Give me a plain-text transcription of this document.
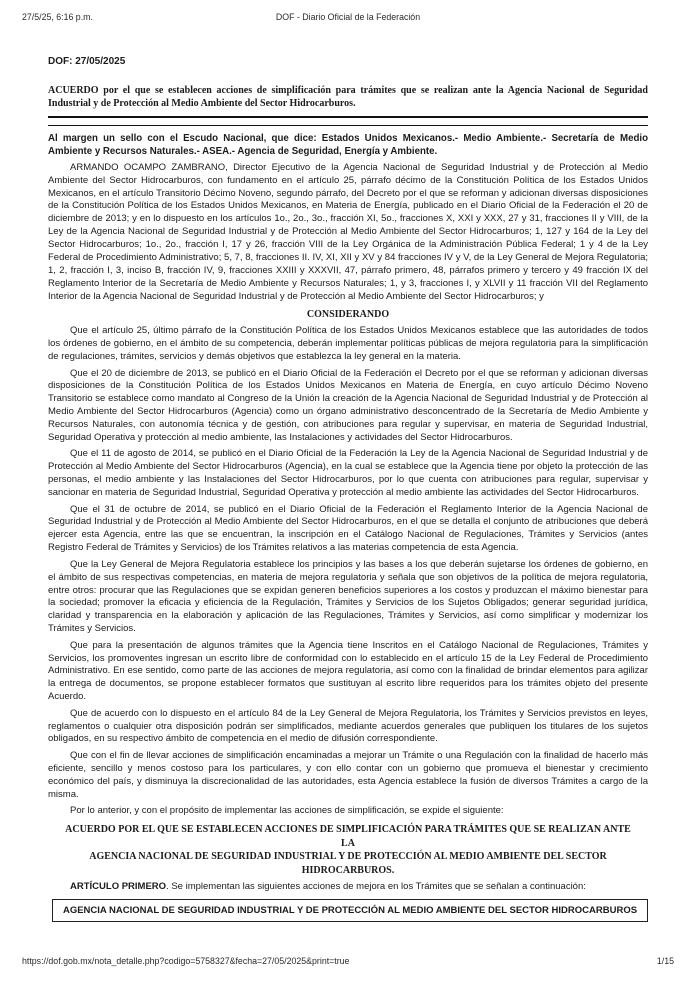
27/5/25, 6:16 p.m.	DOF - Diario Oficial de la Federación

DOF: 27/05/2025

ACUERDO por el que se establecen acciones de simplificación para trámites que se realizan ante la Agencia Nacional de Seguridad Industrial y de Protección al Medio Ambiente del Sector Hidrocarburos.

Al margen un sello con el Escudo Nacional, que dice: Estados Unidos Mexicanos.- Medio Ambiente.- Secretaría de Medio Ambiente y Recursos Naturales.- ASEA.- Agencia de Seguridad, Energía y Ambiente.

ARMANDO OCAMPO ZAMBRANO, Director Ejecutivo de la Agencia Nacional de Seguridad Industrial y de Protección al Medio Ambiente del Sector Hidrocarburos, con fundamento en el artículo 25, párrafo décimo de la Constitución Política de los Estados Unidos Mexicanos, en el artículo Transitorio Décimo Noveno, segundo párrafo, del Decreto por el que se reforman y adicionan diversas disposiciones de la Constitución Política de los Estados Unidos Mexicanos, en Materia de Energía, publicado en el Diario Oficial de la Federación el 20 de diciembre de 2013; y en lo dispuesto en los artículos 1o., 2o., 3o., fracción XI, 5o., fracciones X, XXI y XXX, 27 y 31, fracciones II y VIII, de la Ley de la Agencia Nacional de Seguridad Industrial y de Protección al Medio Ambiente del Sector Hidrocarburos; 1, 127 y 164 de la Ley del Sector Hidrocarburos; 1o., 2o., fracción I, 17 y 26, fracción VIII de la Ley Orgánica de la Administración Pública Federal; 1 y 4 de la Ley Federal de Procedimiento Administrativo; 5, 7, 8, fracciones II. IV, XI, XII y XV y 84 fracciones IV y V, de la Ley General de Mejora Regulatoria; 1, 2, fracción I, 3, inciso B, fracción IV, 9, fracciones XXIII y XXXVII, 47, párrafo primero, 48, párrafos primero y tercero y 49 fracción IX del Reglamento Interior de la Secretaría de Medio Ambiente y Recursos Naturales; 1, y 3, fracciones I, y XLVII y 11 fracción VII del Reglamento Interior de la Agencia Nacional de Seguridad Industrial y de Protección al Medio Ambiente del Sector Hidrocarburos; y

CONSIDERANDO

Que el artículo 25, último párrafo de la Constitución Política de los Estados Unidos Mexicanos establece que las autoridades de todos los órdenes de gobierno, en el ámbito de su competencia, deberán implementar políticas públicas de mejora regulatoria para la simplificación de regulaciones, trámites, servicios y demás objetivos que establezca la ley general en la materia.

Que el 20 de diciembre de 2013, se publicó en el Diario Oficial de la Federación el Decreto por el que se reforman y adicionan diversas disposiciones de la Constitución Política de los Estados Unidos Mexicanos en Materia de Energía, en cuyo artículo Décimo Noveno Transitorio se establece como mandato al Congreso de la Unión la creación de la Agencia Nacional de Seguridad Industrial y de Protección al Medio Ambiente del Sector Hidrocarburos (Agencia) como un órgano administrativo desconcentrado de la Secretaría de Medio Ambiente y Recursos Naturales, con autonomía técnica y de gestión, con atribuciones para regular y supervisar, en materia de Seguridad Industrial, Seguridad Operativa y protección al medio ambiente, las Instalaciones y actividades del Sector Hidrocarburos.

Que el 11 de agosto de 2014, se publicó en el Diario Oficial de la Federación la Ley de la Agencia Nacional de Seguridad Industrial y de Protección al Medio Ambiente del Sector Hidrocarburos (Agencia), en la cual se establece que la Agencia tiene por objeto la protección de las personas, el medio ambiente y las Instalaciones del Sector Hidrocarburos, por lo que cuenta con atribuciones para regular, supervisar y sancionar en materia de Seguridad Industrial, Seguridad Operativa y protección al medio ambiente las actividades del Sector Hidrocarburos.

Que el 31 de octubre de 2014, se publicó en el Diario Oficial de la Federación el Reglamento Interior de la Agencia Nacional de Seguridad Industrial y de Protección al Medio Ambiente del Sector Hidrocarburos, en el que se detalla el conjunto de atribuciones que deberá ejercer esta Agencia, entre las que se encuentran, la inscripción en el Catálogo Nacional de Regulaciones, Trámites y Servicios (antes Registro Federal de Trámites y Servicios) de los Trámites relativos a las materias competencia de esta Agencia.

Que la Ley General de Mejora Regulatoria establece los principios y las bases a los que deberán sujetarse los órdenes de gobierno, en el ámbito de sus respectivas competencias, en materia de mejora regulatoria y señala que son objetivos de la política de mejora regulatoria, entre otros: procurar que las Regulaciones que se expidan generen beneficios superiores a los costos y produzcan el máximo bienestar para la sociedad; promover la eficacia y eficiencia de la Regulación, Trámites y Servicios de los Sujetos Obligados; generar seguridad jurídica, claridad y transparencia en la elaboración y aplicación de las Regulaciones, Trámites y Servicios, así como simplificar y modernizar los Trámites y Servicios.

Que para la presentación de algunos trámites que la Agencia tiene Inscritos en el Catálogo Nacional de Regulaciones, Trámites y Servicios, los promoventes ingresan un escrito libre de conformidad con lo establecido en el artículo 15 de la Ley Federal de Procedimiento Administrativo. En ese sentido, como parte de las acciones de mejora regulatoria, así como con la finalidad de brindar elementos para agilizar la entrega de documentos, se propone establecer formatos que sustituyan al escrito libre requeridos para los trámites objeto del presente Acuerdo.

Que de acuerdo con lo dispuesto en el artículo 84 de la Ley General de Mejora Regulatoria, los Trámites y Servicios previstos en leyes, reglamentos o cualquier otra disposición podrán ser simplificados, mediante acuerdos generales que publiquen los titulares de los sujetos obligados, en su respectivo ámbito de competencia en el medio de difusión correspondiente.

Que con el fin de llevar acciones de simplificación encaminadas a mejorar un Trámite o una Regulación con la finalidad de hacerlo más eficiente, sencillo y menos costoso para los particulares, y con ello contar con un gobierno que promueva el bienestar y crecimiento económico del país, y disminuya la discrecionalidad de las autoridades, esta Agencia establece la fusión de diversos Trámites a cargo de la misma.

Por lo anterior, y con el propósito de implementar las acciones de simplificación, se expide el siguiente:

ACUERDO POR EL QUE SE ESTABLECEN ACCIONES DE SIMPLIFICACIÓN PARA TRÁMITES QUE SE REALIZAN ANTE
LA
AGENCIA NACIONAL DE SEGURIDAD INDUSTRIAL Y DE PROTECCIÓN AL MEDIO AMBIENTE DEL SECTOR
HIDROCARBUROS.

ARTÍCULO PRIMERO. Se implementan las siguientes acciones de mejora en los Trámites que se señalan a continuación:

AGENCIA NACIONAL DE SEGURIDAD INDUSTRIAL Y DE PROTECCIÓN AL MEDIO AMBIENTE DEL SECTOR HIDROCARBUROS
https://dof.gob.mx/nota_detalle.php?codigo=5758327&fecha=27/05/2025&print=true	1/15
